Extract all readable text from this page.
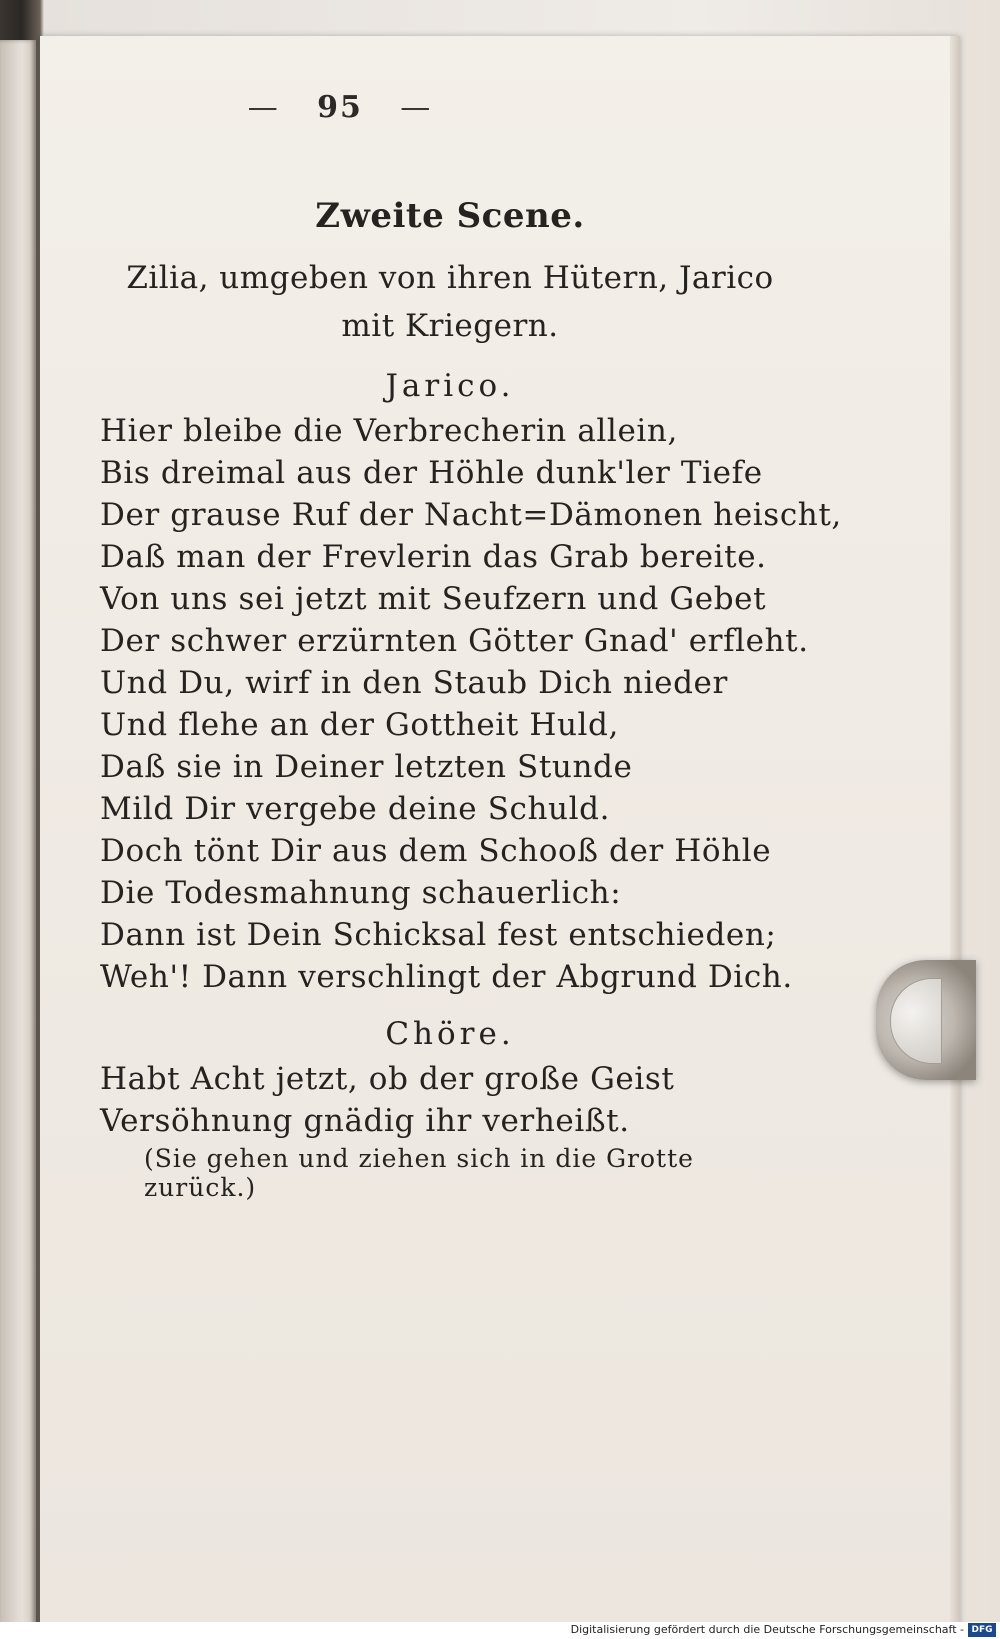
— 95 —
Zweite Scene.
Zilia, umgeben von ihren Hütern, Jarico
mit Kriegern.
Jarico.
Hier bleibe die Verbrecherin allein,
Bis dreimal aus der Höhle dunk'ler Tiefe
Der grause Ruf der Nacht=Dämonen heischt,
Daß man der Frevlerin das Grab bereite.
Von uns sei jetzt mit Seufzern und Gebet
Der schwer erzürnten Götter Gnad' erfleht.
Und Du, wirf in den Staub Dich nieder
Und flehe an der Gottheit Huld,
Daß sie in Deiner letzten Stunde
Mild Dir vergebe deine Schuld.
Doch tönt Dir aus dem Schooß der Höhle
Die Todesmahnung schauerlich:
Dann ist Dein Schicksal fest entschieden;
Weh'! Dann verschlingt der Abgrund Dich.
Chöre.
Habt Acht jetzt, ob der große Geist
Versöhnung gnädig ihr verheißt.
(Sie gehen und ziehen sich in die Grotte zurück.)
Digitalisierung gefördert durch die Deutsche Forschungsgemeinschaft - DFG
